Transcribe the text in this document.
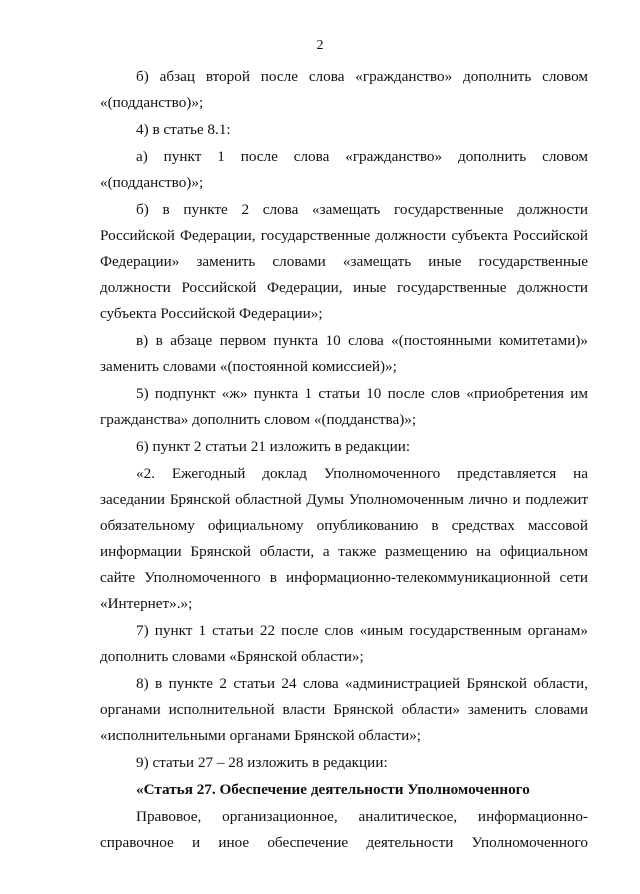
2

б) абзац второй после слова «гражданство» дополнить словом «(подданство)»;

4) в статье 8.1:

а) пункт 1 после слова «гражданство» дополнить словом «(подданство)»;

б) в пункте 2 слова «замещать государственные должности Российской Федерации, государственные должности субъекта Российской Федерации» заменить словами «замещать иные государственные должности Российской Федерации, иные государственные должности субъекта Российской Федерации»;

в) в абзаце первом пункта 10 слова «(постоянными комитетами)» заменить словами «(постоянной комиссией)»;

5) подпункт «ж» пункта 1 статьи 10 после слов «приобретения им гражданства» дополнить словом «(подданства)»;

6) пункт 2 статьи 21 изложить в редакции:

«2. Ежегодный доклад Уполномоченного представляется на заседании Брянской областной Думы Уполномоченным лично и подлежит обязательному официальному опубликованию в средствах массовой информации Брянской области, а также размещению на официальном сайте Уполномоченного в информационно-телекоммуникационной сети «Интернет».»;

7) пункт 1 статьи 22 после слов «иным государственным органам» дополнить словами «Брянской области»;

8) в пункте 2 статьи 24 слова «администрацией Брянской области, органами исполнительной власти Брянской области» заменить словами «исполнительными органами Брянской области»;

9) статьи 27 – 28 изложить в редакции:

«Статья 27. Обеспечение деятельности Уполномоченного

Правовое, организационное, аналитическое, информационно-справочное и иное обеспечение деятельности Уполномоченного
